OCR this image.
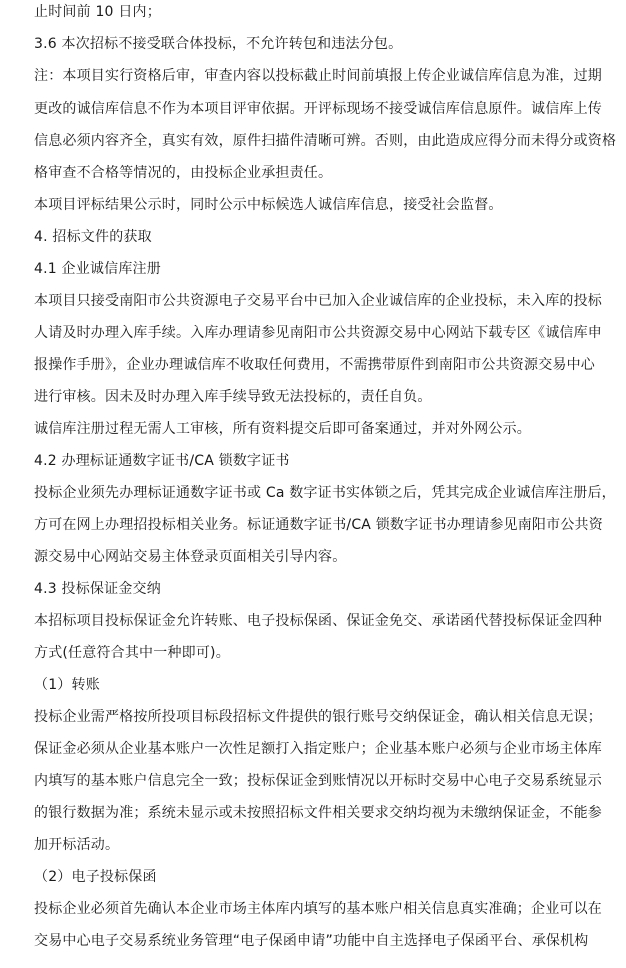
止时间前 10 日内；
3.6 本次招标不接受联合体投标，不允许转包和违法分包。
注：本项目实行资格后审，审查内容以投标截止时间前填报上传企业诚信库信息为准，过期
更改的诚信库信息不作为本项目评审依据。开评标现场不接受诚信库信息原件。诚信库上传
信息必须内容齐全，真实有效，原件扫描件清晰可辨。否则，由此造成应得分而未得分或资格
格审查不合格等情况的，由投标企业承担责任。
本项目评标结果公示时，同时公示中标候选人诚信库信息，接受社会监督。
4. 招标文件的获取
4.1 企业诚信库注册
本项目只接受南阳市公共资源电子交易平台中已加入企业诚信库的企业投标，未入库的投标
人请及时办理入库手续。入库办理请参见南阳市公共资源交易中心网站下载专区《诚信库申
报操作手册》，企业办理诚信库不收取任何费用，不需携带原件到南阳市公共资源交易中心
进行审核。因未及时办理入库手续导致无法投标的，责任自负。
诚信库注册过程无需人工审核，所有资料提交后即可备案通过，并对外网公示。
4.2 办理标证通数字证书/CA 锁数字证书
投标企业须先办理标证通数字证书或 Ca 数字证书实体锁之后，凭其完成企业诚信库注册后，
方可在网上办理招投标相关业务。标证通数字证书/CA 锁数字证书办理请参见南阳市公共资
源交易中心网站交易主体登录页面相关引导内容。
4.3 投标保证金交纳
本招标项目投标保证金允许转账、电子投标保函、保证金免交、承诺函代替投标保证金四种
方式(任意符合其中一种即可)。
（1）转账
投标企业需严格按所投项目标段招标文件提供的银行账号交纳保证金，确认相关信息无误；
保证金必须从企业基本账户一次性足额打入指定账户；企业基本账户必须与企业市场主体库
内填写的基本账户信息完全一致；投标保证金到账情况以开标时交易中心电子交易系统显示
的银行数据为准；系统未显示或未按照招标文件相关要求交纳均视为未缴纳保证金，不能参
加开标活动。
（2）电子投标保函
投标企业必须首先确认本企业市场主体库内填写的基本账户相关信息真实准确；企业可以在
交易中心电子交易系统业务管理“电子保函申请”功能中自主选择电子保函平台、承保机构
